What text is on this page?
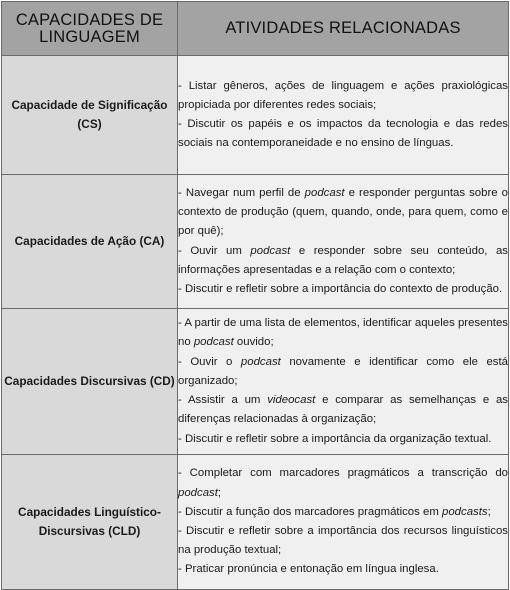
CAPACIDADES DE LINGUAGEM	ATIVIDADES RELACIONADAS
Capacidade de Significação (CS)	- Listar gêneros, ações de linguagem e ações praxiológicas propiciada por diferentes redes sociais;
- Discutir os papéis e os impactos da tecnologia e das redes sociais na contemporaneidade e no ensino de línguas.

Capacidades de Ação (CA)	- Navegar num perfil de podcast e responder perguntas sobre o contexto de produção (quem, quando, onde, para quem, como e por quê);
- Ouvir um podcast e responder sobre seu conteúdo, as informações apresentadas e a relação com o contexto;
- Discutir e refletir sobre a importância do contexto de produção.

Capacidades Discursivas (CD)	- A partir de uma lista de elementos, identificar aqueles presentes no podcast ouvido;
- Ouvir o podcast novamente e identificar como ele está organizado;
- Assistir a um videocast e comparar as semelhanças e as diferenças relacionadas à organização;
- Discutir e refletir sobre a importância da organização textual.

Capacidades Linguístico-Discursivas (CLD)	- Completar com marcadores pragmáticos a transcrição do podcast;
- Discutir a função dos marcadores pragmáticos em podcasts;
- Discutir e refletir sobre a importância dos recursos linguísticos na produção textual;
- Praticar pronúncia e entonação em língua inglesa.
